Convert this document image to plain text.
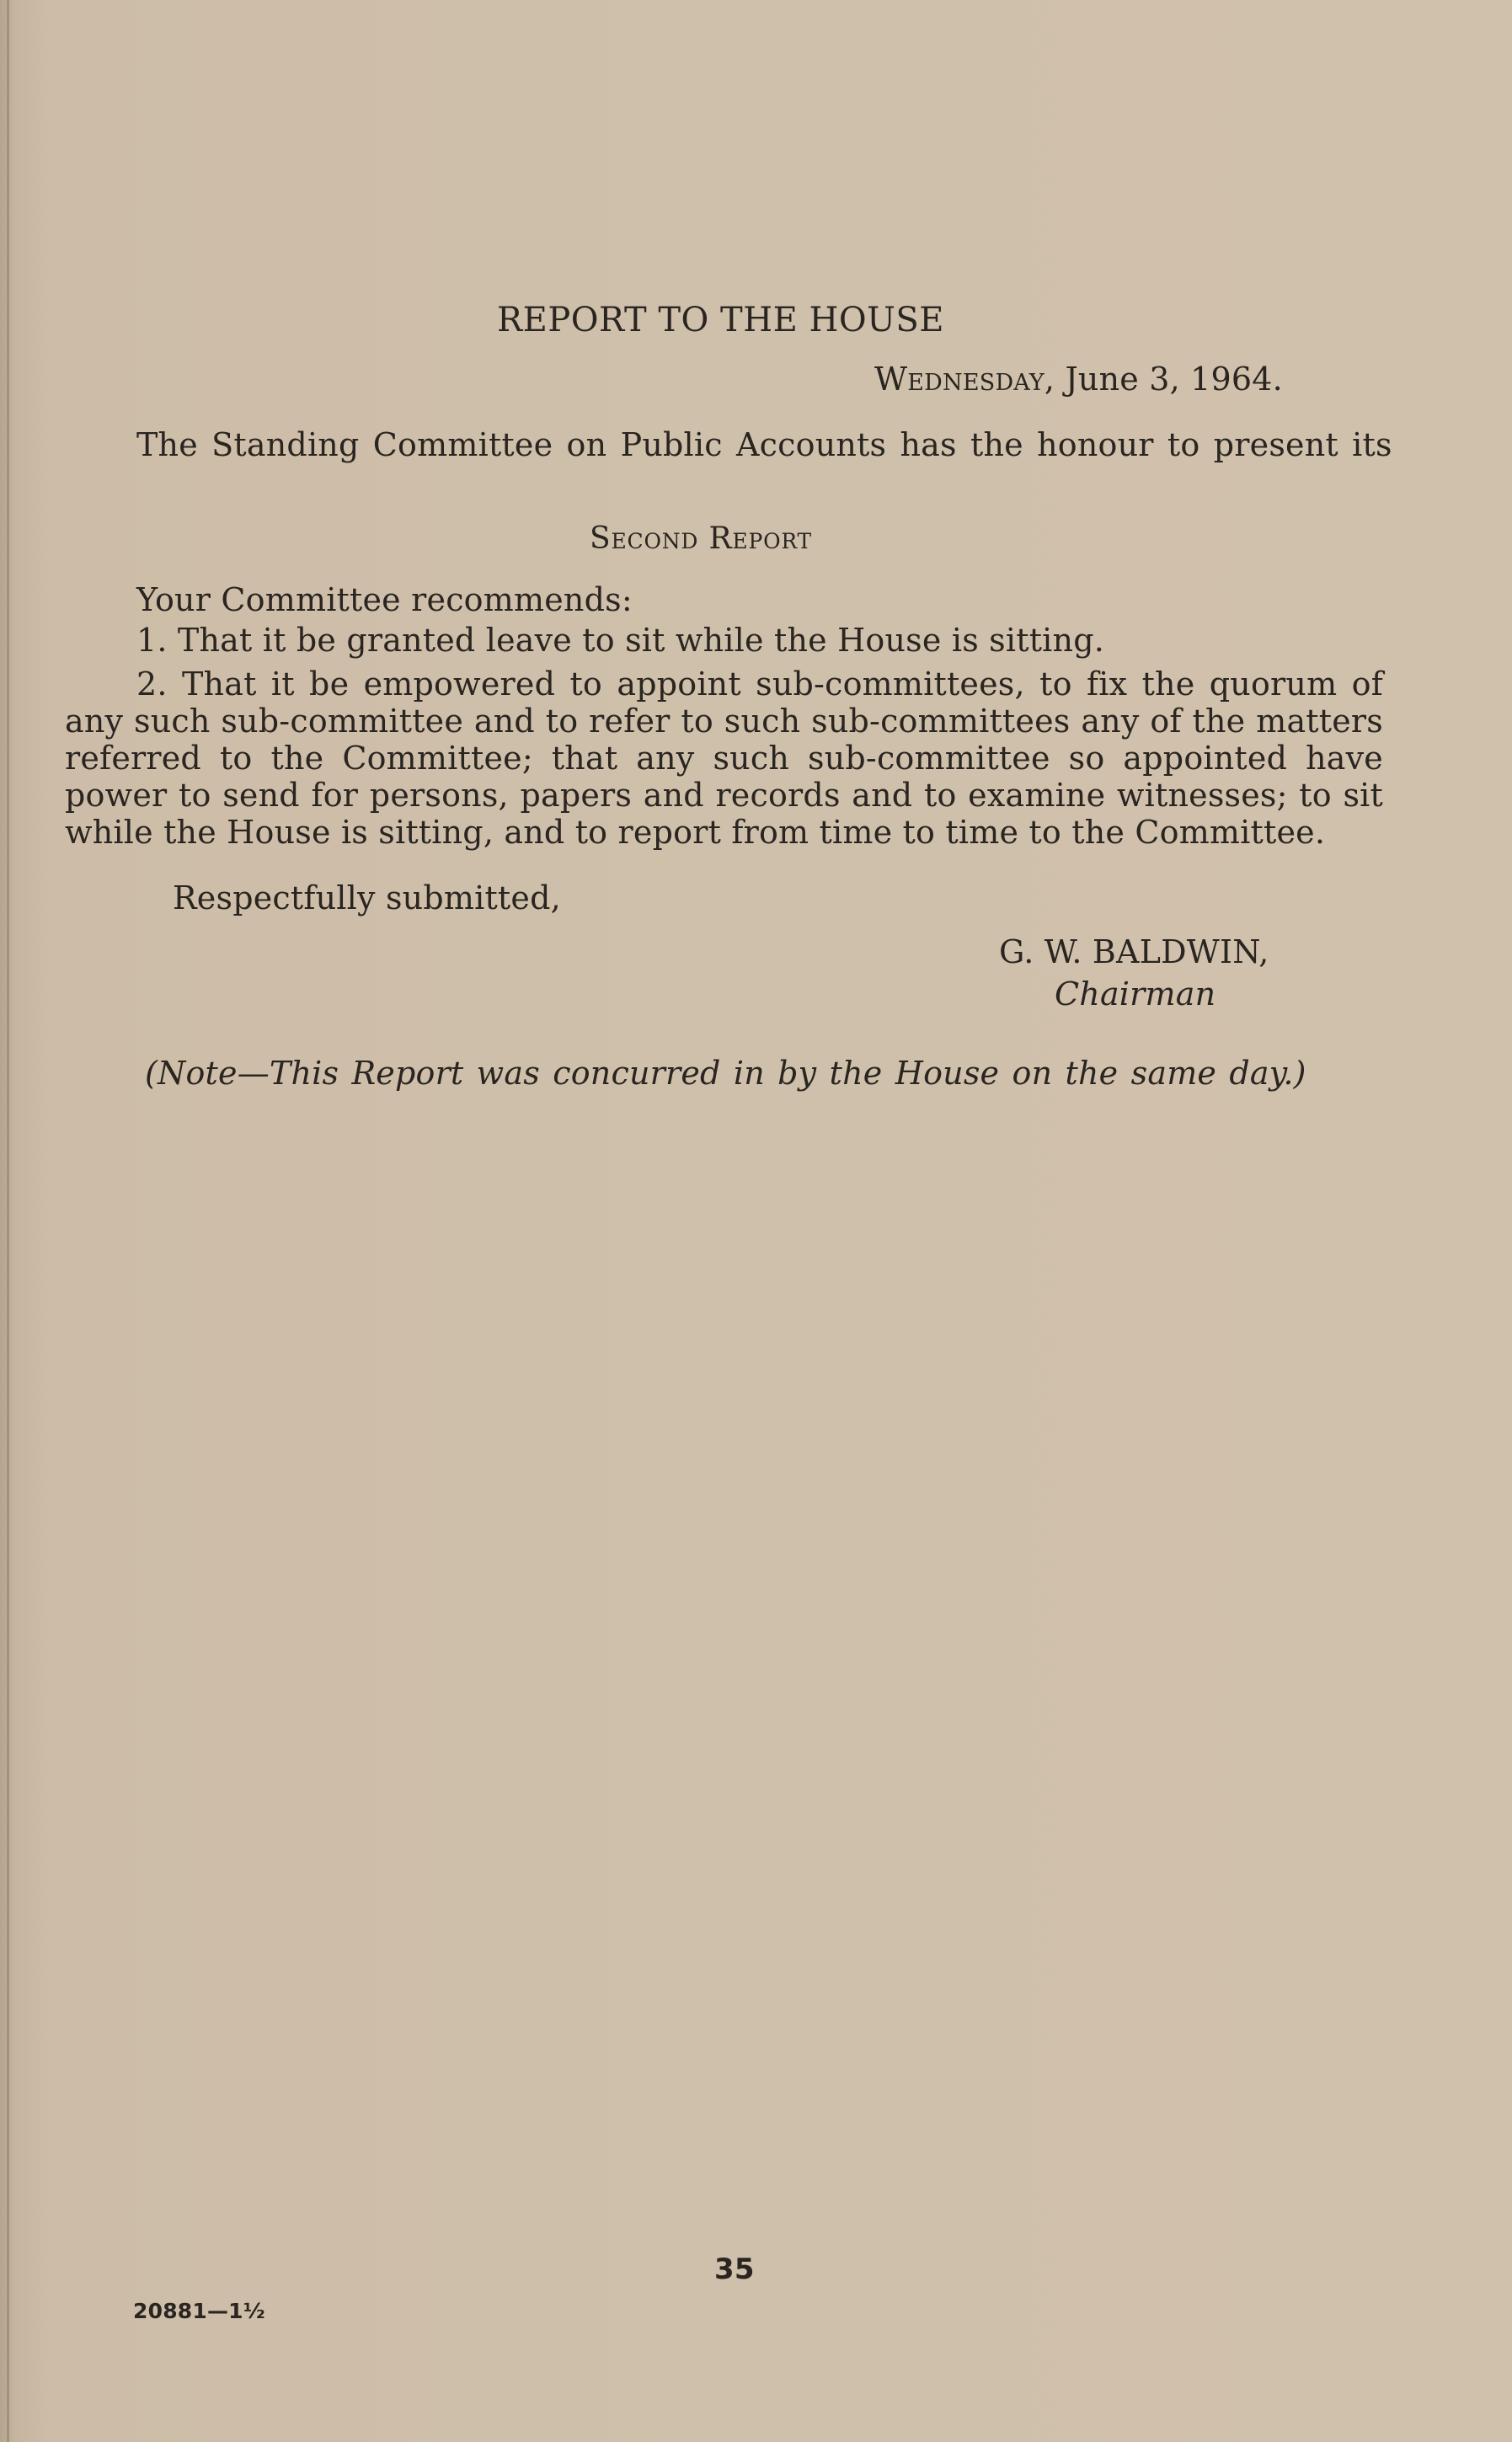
REPORT TO THE HOUSE
Wednesday, June 3, 1964.
The Standing Committee on Public Accounts has the honour to present its
Second Report
Your Committee recommends:
1. That it be granted leave to sit while the House is sitting.
2. That it be empowered to appoint sub-committees, to fix the quorum of any such sub-committee and to refer to such sub-committees any of the matters referred to the Committee; that any such sub-committee so appointed have power to send for persons, papers and records and to examine witnesses; to sit while the House is sitting, and to report from time to time to the Committee.
Respectfully submitted,
G. W. BALDWIN,
Chairman
(Note—This Report was concurred in by the House on the same day.)
35
20881—1½
